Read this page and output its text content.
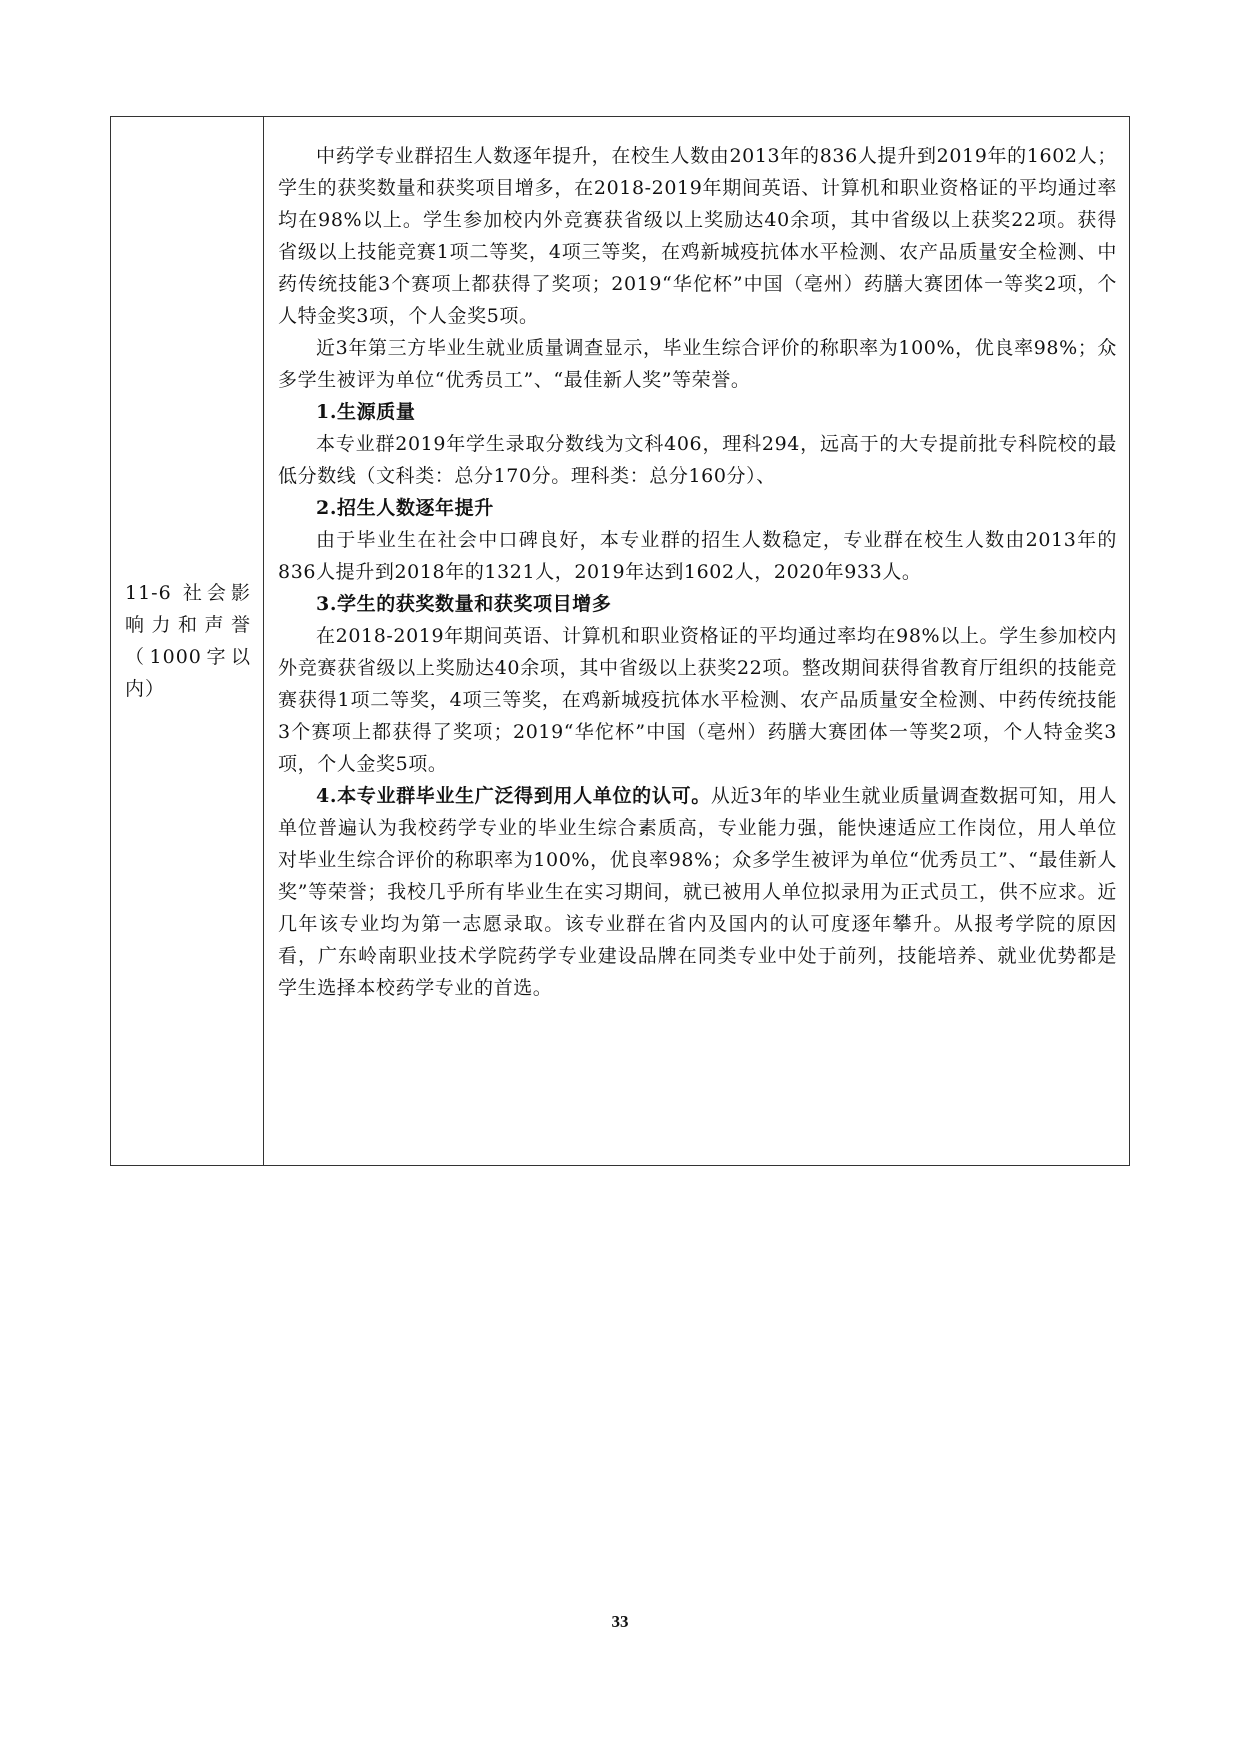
11-6 社会影响力和声誉（1000字以内）

中药学专业群招生人数逐年提升，在校生人数由2013年的836人提升到2019年的1602人；学生的获奖数量和获奖项目增多，在2018-2019年期间英语、计算机和职业资格证的平均通过率均在98%以上。学生参加校内外竞赛获省级以上奖励达40余项，其中省级以上获奖22项。获得省级以上技能竞赛1项二等奖，4项三等奖，在鸡新城疫抗体水平检测、农产品质量安全检测、中药传统技能3个赛项上都获得了奖项；2019“华佗杯”中国（亳州）药膳大赛团体一等奖2项，个人特金奖3项，个人金奖5项。

近3年第三方毕业生就业质量调查显示，毕业生综合评价的称职率为100%，优良率98%；众多学生被评为单位“优秀员工”、“最佳新人奖”等荣誉。

1.生源质量

本专业群2019年学生录取分数线为文科406，理科294，远高于的大专提前批专科院校的最低分数线（文科类：总分170分。理科类：总分160分）、

2.招生人数逐年提升

由于毕业生在社会中口碑良好，本专业群的招生人数稳定，专业群在校生人数由2013年的836人提升到2018年的1321人，2019年达到1602人，2020年933人。

3.学生的获奖数量和获奖项目增多

在2018-2019年期间英语、计算机和职业资格证的平均通过率均在98%以上。学生参加校内外竞赛获省级以上奖励达40余项，其中省级以上获奖22项。整改期间获得省教育厅组织的技能竞赛获得1项二等奖，4项三等奖，在鸡新城疫抗体水平检测、农产品质量安全检测、中药传统技能3个赛项上都获得了奖项；2019“华佗杯”中国（亳州）药膳大赛团体一等奖2项，个人特金奖3项，个人金奖5项。

4.本专业群毕业生广泛得到用人单位的认可。从近3年的毕业生就业质量调查数据可知，用人单位普遍认为我校药学专业的毕业生综合素质高，专业能力强，能快速适应工作岗位，用人单位对毕业生综合评价的称职率为100%，优良率98%；众多学生被评为单位“优秀员工”、“最佳新人奖”等荣誉；我校几乎所有毕业生在实习期间，就已被用人单位拟录用为正式员工，供不应求。近几年该专业均为第一志愿录取。该专业群在省内及国内的认可度逐年攀升。从报考学院的原因看，广东岭南职业技术学院药学专业建设品牌在同类专业中处于前列，技能培养、就业优势都是学生选择本校药学专业的首选。

33
